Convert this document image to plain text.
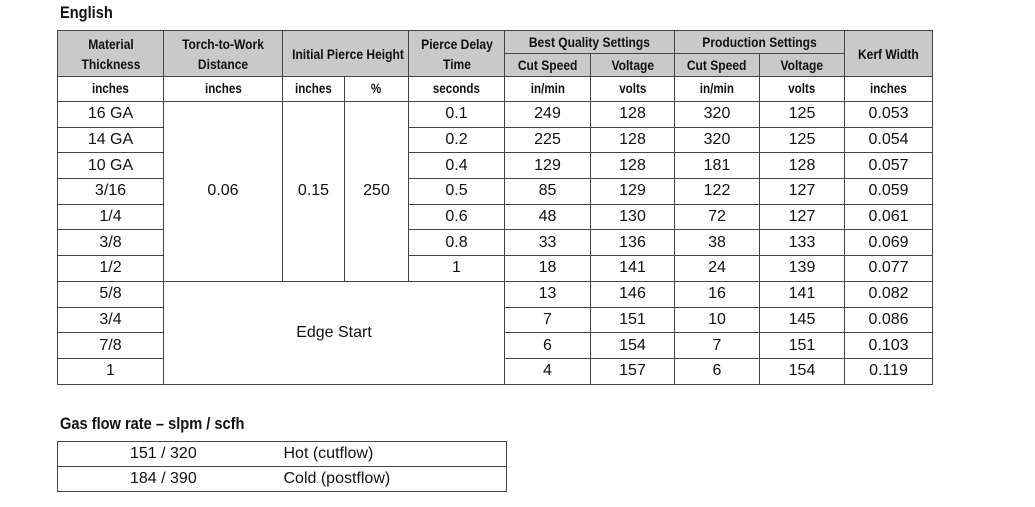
English
Material Thickness	Torch-to-Work Distance	Initial Pierce Height		Pierce Delay Time	Best Quality Settings		Production Settings		Kerf Width
					Cut Speed	Voltage	Cut Speed	Voltage	
inches	inches	inches	%	seconds	in/min	volts	in/min	volts	inches
16 GA	0.06	0.15	250	0.1	249	128	320	125	0.053
14 GA				0.2	225	128	320	125	0.054
10 GA				0.4	129	128	181	128	0.057
3/16				0.5	85	129	122	127	0.059
1/4				0.6	48	130	72	127	0.061
3/8				0.8	33	136	38	133	0.069
1/2				1	18	141	24	139	0.077
5/8	Edge Start				13	146	16	141	0.082
3/4					7	151	10	145	0.086
7/8					6	154	7	151	0.103
1					4	157	6	154	0.119
Gas flow rate – slpm / scfh
151 / 320	Hot (cutflow)
184 / 390	Cold (postflow)
